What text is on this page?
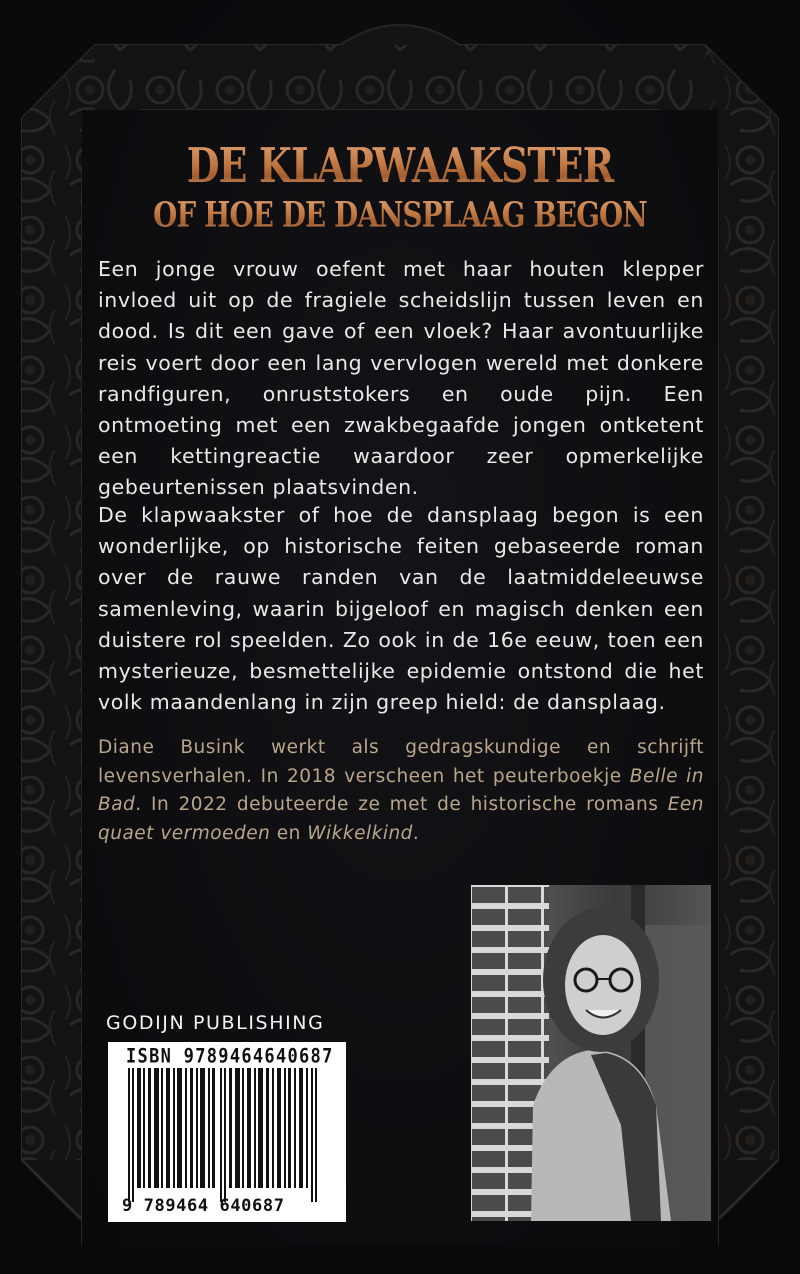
DE KLAPWAAKSTER
OF HOE DE DANSPLAAG BEGON

Een jonge vrouw oefent met haar houten klepper invloed uit op de fragiele scheidslijn tussen leven en dood. Is dit een gave of een vloek? Haar avontuurlijke reis voert door een lang vervlogen wereld met donkere randfiguren, onruststokers en oude pijn. Een ontmoeting met een zwakbegaafde jongen ontketent een kettingreactie waardoor zeer opmerkelijke gebeurtenissen plaatsvinden.

De klapwaakster of hoe de dansplaag begon is een wonderlijke, op historische feiten gebaseerde roman over de rauwe randen van de laatmiddeleeuwse samenleving, waarin bijgeloof en magisch denken een duistere rol speelden. Zo ook in de 16e eeuw, toen een mysterieuze, besmettelijke epidemie ontstond die het volk maandenlang in zijn greep hield: de dansplaag.

Diane Busink werkt als gedragskundige en schrijft levensverhalen. In 2018 verscheen het peuterboekje Belle in Bad. In 2022 debuteerde ze met de historische romans Een quaet vermoeden en Wikkelkind.

GODIJN PUBLISHING
ISBN 9789464640687
9 789464 640687
